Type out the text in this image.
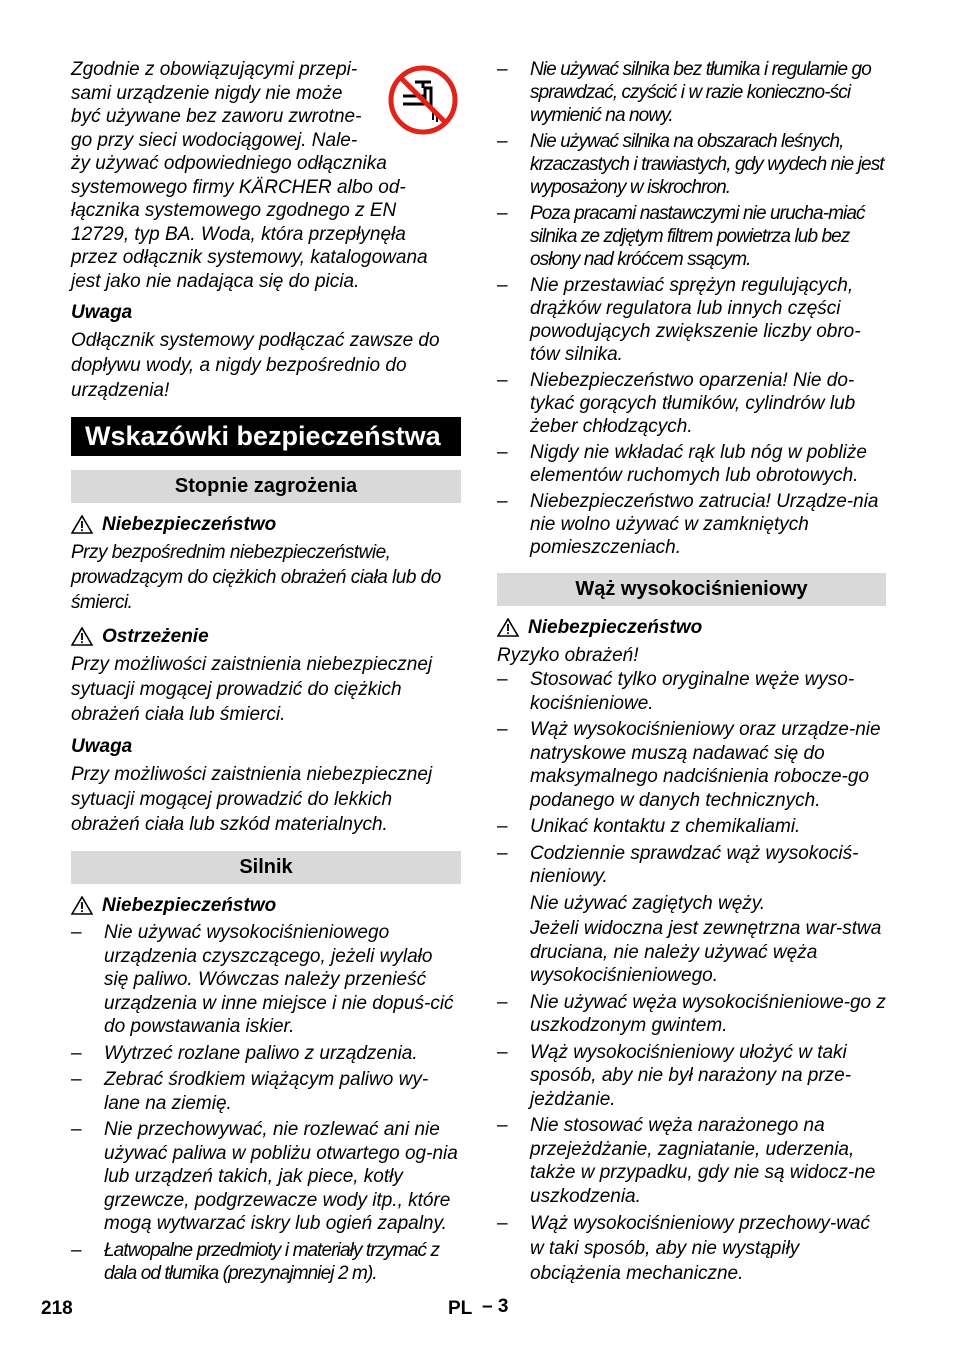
Zgodnie z obowiązującymi przepi-
sami urządzenie nigdy nie może
być używane bez zaworu zwrotne-
go przy sieci wodociągowej. Nale-
ży używać odpowiedniego odłącznika
systemowego firmy KÄRCHER albo od-
łącznika systemowego zgodnego z EN
12729, typ BA. Woda, która przepłynęła
przez odłącznik systemowy, katalogowana
jest jako nie nadająca się do picia.

Uwaga

Odłącznik systemowy podłączać zawsze do dopływu wody, a nigdy bezpośrednio do urządzenia!

Wskazówki bezpieczeństwa
Stopnie zagrożenia
Niebezpieczeństwo

Przy bezpośrednim niebezpieczeństwie, prowadzącym do ciężkich obrażeń ciała lub do śmierci.

Ostrzeżenie

Przy możliwości zaistnienia niebezpiecznej sytuacji mogącej prowadzić do ciężkich obrażeń ciała lub śmierci.

Uwaga

Przy możliwości zaistnienia niebezpiecznej sytuacji mogącej prowadzić do lekkich obrażeń ciała lub szkód materialnych.

Silnik
Niebezpieczeństwo
– Nie używać wysokociśnieniowego urządzenia czyszczącego, jeżeli wylało się paliwo. Wówczas należy przenieść urządzenia w inne miejsce i nie dopuś-cić do powstawania iskier.
– Wytrzeć rozlane paliwo z urządzenia.
– Zebrać środkiem wiążącym paliwo wy-lane na ziemię.
– Nie przechowywać, nie rozlewać ani nie używać paliwa w pobliżu otwartego og-nia lub urządzeń takich, jak piece, kotły grzewcze, podgrzewacze wody itp., które mogą wytwarzać iskry lub ogień zapalny.
– Łatwopalne przedmioty i materiały trzymać z dala od tłumika (prezynajmniej 2 m).
– Nie używać silnika bez tłumika i regularnie go sprawdzać, czyścić i w razie konieczno-ści wymienić na nowy.
– Nie używać silnika na obszarach leśnych, krzaczastych i trawiastych, gdy wydech nie jest wyposażony w iskrochron.
– Poza pracami nastawczymi nie urucha-miać silnika ze zdjętym filtrem powietrza lub bez osłony nad króćcem ssącym.
– Nie przestawiać sprężyn regulujących, drążków regulatora lub innych części powodujących zwiększenie liczby obro-tów silnika.
– Niebezpieczeństwo oparzenia! Nie do-tykać gorących tłumików, cylindrów lub żeber chłodzących.
– Nigdy nie wkładać rąk lub nóg w pobliże elementów ruchomych lub obrotowych.
– Niebezpieczeństwo zatrucia! Urządze-nia nie wolno używać w zamkniętych pomieszczeniach.
Wąż wysokociśnieniowy
Niebezpieczeństwo

Ryzyko obrażeń!

– Stosować tylko oryginalne węże wyso-kociśnieniowe.
– Wąż wysokociśnieniowy oraz urządze-nie natryskowe muszą nadawać się do maksymalnego nadciśnienia robocze-go podanego w danych technicznych.
– Unikać kontaktu z chemikaliami.
– Codziennie sprawdzać wąż wysokociś-nieniowy.

Nie używać zagiętych węży.

Jeżeli widoczna jest zewnętrzna war-stwa druciana, nie należy używać węża wysokociśnieniowego.

– Nie używać węża wysokociśnieniowe-go z uszkodzonym gwintem.
– Wąż wysokociśnieniowy ułożyć w taki sposób, aby nie był narażony na prze-jeżdżanie.
– Nie stosować węża narażonego na przejeżdżanie, zagniatanie, uderzenia, także w przypadku, gdy nie są widocz-ne uszkodzenia.
– Wąż wysokociśnieniowy przechowy-wać w taki sposób, aby nie wystąpiły obciążenia mechaniczne.
218	PL – 3
